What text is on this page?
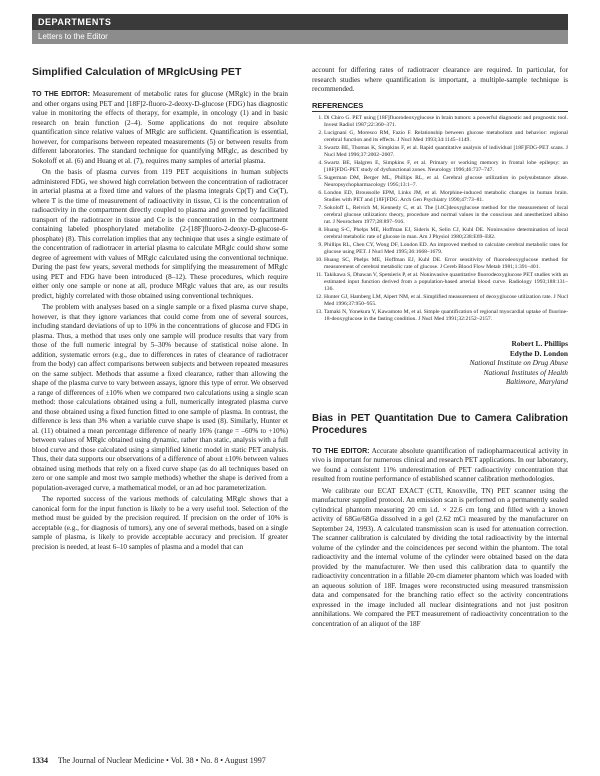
DEPARTMENTS
Letters to the Editor
Simplified Calculation of MRglcUsing PET

TO THE EDITOR: Measurement of metabolic rates for glucose (MRglc) in the brain and other organs using PET and [18F]2-fluoro-2-deoxy-D-glucose (FDG) has diagnostic value in monitoring the effects of therapy, for example, in oncology (1) and in basic research on brain function (2–4). Some applications do not require absolute quantification since relative values of MRglc are sufficient. Quantification is essential, however, for comparisons between repeated measurements (5) or between results from different laboratories. The standard technique for quantifying MRglc, as described by Sokoloff et al. (6) and Huang et al. (7), requires many samples of arterial plasma.

On the basis of plasma curves from 119 PET acquisitions in human subjects administered FDG, we showed high correlation between the concentration of radiotracer in arterial plasma at a fixed time and values of the plasma integrals Cp(T) and Ce(T), where T is the time of measurement of radioactivity in tissue, Ci is the concentration of radioactivity in the compartment directly coupled to plasma and governed by facilitated transport of the radiotracer in tissue and Ce is the concentration in the compartment containing labeled phosphorylated metabolite (2-[18F]fluoro-2-deoxy-D-glucose-6-phosphate) (8). This correlation implies that any technique that uses a single estimate of the concentration of radiotracer in arterial plasma to calculate MRglc could show some degree of agreement with values of MRglc calculated using the conventional technique. During the past few years, several methods for simplifying the measurement of MRglc using PET and FDG have been introduced (8–12). These procedures, which require either only one sample or none at all, produce MRglc values that are, as our results predict, highly correlated with those obtained using conventional techniques.

The problem with analyses based on a single sample or a fixed plasma curve shape, however, is that they ignore variances that could come from one of several sources, including standard deviations of up to 10% in the concentrations of glucose and FDG in plasma. Thus, a method that uses only one sample will produce results that vary from those of the full numeric integral by 5–30% because of statistical noise alone. In addition, systematic errors (e.g., due to differences in rates of clearance of radiotracer from the body) can affect comparisons between subjects and between repeated measures on the same subject. Methods that assume a fixed clearance, rather than allowing the shape of the plasma curve to vary between assays, ignore this type of error. We observed a range of differences of ±10% when we compared two calculations using a single scan method: those calculations obtained using a full, numerically integrated plasma curve and those obtained using a fixed function fitted to one sample of plasma. In contrast, the difference is less than 3% when a variable curve shape is used (8). Similarly, Hunter et al. (11) obtained a mean percentage difference of nearly 16% (range = –60% to +10%) between values of MRglc obtained using dynamic, rather than static, analysis with a full blood curve and those calculated using a simplified kinetic model in static PET analysis. Thus, their data supports our observations of a difference of about ±10% between values obtained using methods that rely on a fixed curve shape (as do all techniques based on zero or one sample and most two sample methods) whether the shape is derived from a population-averaged curve, a mathematical model, or an ad hoc parameterization.

The reported success of the various methods of calculating MRglc shows that a canonical form for the input function is likely to be a very useful tool. Selection of the method must be guided by the precision required. If precision on the order of 10% is acceptable (e.g., for diagnosis of tumors), any one of several methods, based on a single sample of plasma, is likely to provide acceptable accuracy and precision. If greater precision is needed, at least 6–10 samples of plasma and a model that can

account for differing rates of radiotracer clearance are required. In particular, for research studies where quantification is important, a multiple-sample technique is recommended.

REFERENCES
1. Di Chiro G. PET using [18F]fluorodeoxyglucose in brain tumors: a powerful diagnostic and prognostic tool. Invest Radiol 1987;22:360–371.
2. Lucignani G, Moresco RM, Fazio F. Relationship between glucose metabolism and behavior: regional cerebral function and its effects. J Nucl Med 1993;34:1145–1149.
3. Swartz BE, Thomas K, Simpkins F, et al. Rapid quantitative analysis of individual [18F]FDG-PET scans. J Nucl Med 1996;37:2002–2007.
4. Swartz BE, Halgren E, Simpkins F, et al. Primary or working memory in frontal lobe epilepsy: an [18F]FDG-PET study of dysfunctional zones. Neurology 1996;46:737–747.
5. Sugerman DM, Berger ML, Phillips RL, et al. Cerebral glucose utilization in polysubstance abuse. Neuropsychopharmacology 1995;13:1–7.
6. London ED, Broussolle EPM, Links JM, et al. Morphine-induced metabolic changes in human brain. Studies with PET and [18F]FDG. Arch Gen Psychiatry 1990;47:73–81.
7. Sokoloff L, Reivich M, Kennedy C, et al. The [14C]deoxyglucose method for the measurement of local cerebral glucose utilization: theory, procedure and normal values in the conscious and anesthetized albino rat. J Neurochem 1977;28:897–916.
8. Huang S-C, Phelps ME, Hoffman EJ, Sideris K, Selin CJ, Kuhl DE. Noninvasive determination of local cerebral metabolic rate of glucose in man. Am J Physiol 1980;238:E69–E82.
9. Phillips RL, Chen CY, Wong DF, London ED. An improved method to calculate cerebral metabolic rates for glucose using PET. J Nucl Med 1995;36:1668–1679.
10. Huang SC, Phelps ME, Hoffman EJ, Kuhl DE. Error sensitivity of fluorodeoxyglucose method for measurement of cerebral metabolic rate of glucose. J Cereb Blood Flow Metab 1981;1:391–401.
11. Takikawa S, Dhawan V, Spetsieris P, et al. Noninvasive quantitative fluorodeoxyglucose PET studies with an estimated input function derived from a population-based arterial blood curve. Radiology 1993;188:131–136.
12. Hunter GJ, Hamberg LM, Alpert NM, et al. Simplified measurement of deoxyglucose utilization rate. J Nucl Med 1996;37:950–955.
13. Tamaki N, Yonekura Y, Kawamoto M, et al. Simple quantification of regional myocardial uptake of fluorine-18-deoxyglucose in the fasting condition. J Nucl Med 1991;32:2152–2157.
Robert L. Phillips
Edythe D. London
National Institute on Drug Abuse
National Institutes of Health
Baltimore, Maryland
Bias in PET Quantitation Due to Camera Calibration Procedures

TO THE EDITOR: Accurate absolute quantification of radiopharmaceutical activity in vivo is important for numerous clinical and research PET applications. In our laboratory, we found a consistent 11% underestimation of PET radioactivity concentration that resulted from routine performance of established scanner calibration methodologies.

We calibrate our ECAT EXACT (CTI, Knoxville, TN) PET scanner using the manufacturer supplied protocol. An emission scan is performed on a permanently sealed cylindrical phantom measuring 20 cm i.d. × 22.6 cm long and filled with a known activity of 68Ge/68Ga dissolved in a gel (2.62 mCi measured by the manufacturer on September 24, 1993). A calculated transmission scan is used for attenuation correction. The scanner calibration is calculated by dividing the total radioactivity by the internal volume of the cylinder and the coincidences per second within the phantom. The total radioactivity and the internal volume of the cylinder were obtained based on the data provided by the manufacturer. We then used this calibration data to quantify the radioactivity concentration in a fillable 20-cm diameter phantom which was loaded with an aqueous solution of 18F. Images were reconstructed using measured transmission data and compensated for the branching ratio effect so the activity concentrations expressed in the image included all nuclear disintegrations and not just positron annihilations. We compared the PET measurement of radioactivity concentration to the concentration of an aliquot of the 18F

1334 The Journal of Nuclear Medicine • Vol. 38 • No. 8 • August 1997
